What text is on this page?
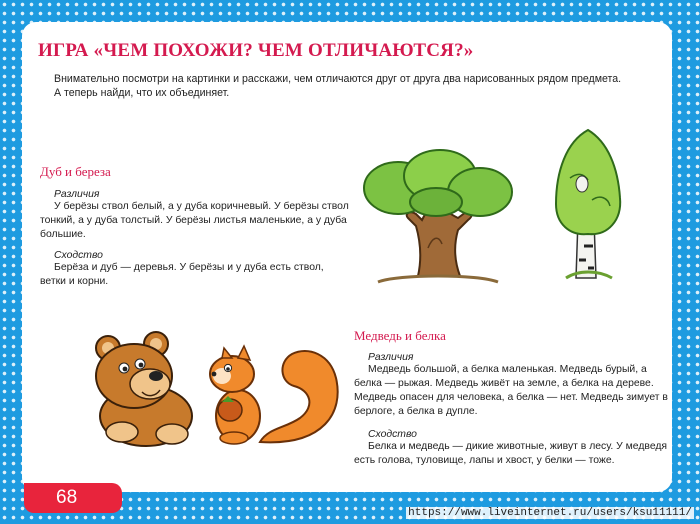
ИГРА «ЧЕМ ПОХОЖИ? ЧЕМ ОТЛИЧАЮТСЯ?»

Внимательно посмотри на картинки и расскажи, чем отличаются друг от друга два нарисованных рядом предмета.

А теперь найди, что их объединяет.

Дуб и береза

Различия

У берёзы ствол белый, а у дуба коричневый. У берёзы ствол тонкий, а у дуба толстый. У берёзы листья маленькие, а у дуба большие.

Сходство

Берёза и дуб — деревья. У берёзы и у дуба есть ствол, ветки и корни.

Медведь и белка

Различия

Медведь большой, а белка маленькая. Медведь бурый, а белка — рыжая. Медведь живёт на земле, а белка на дереве. Медведь опасен для человека, а белка — нет. Медведь зимует в берлоге, а белка в дупле.

Сходство

Белка и медведь — дикие животные, живут в лесу. У медведя есть голова, туловище, лапы и хвост, у белки — тоже.

68
https://www.liveinternet.ru/users/ksu11111/
